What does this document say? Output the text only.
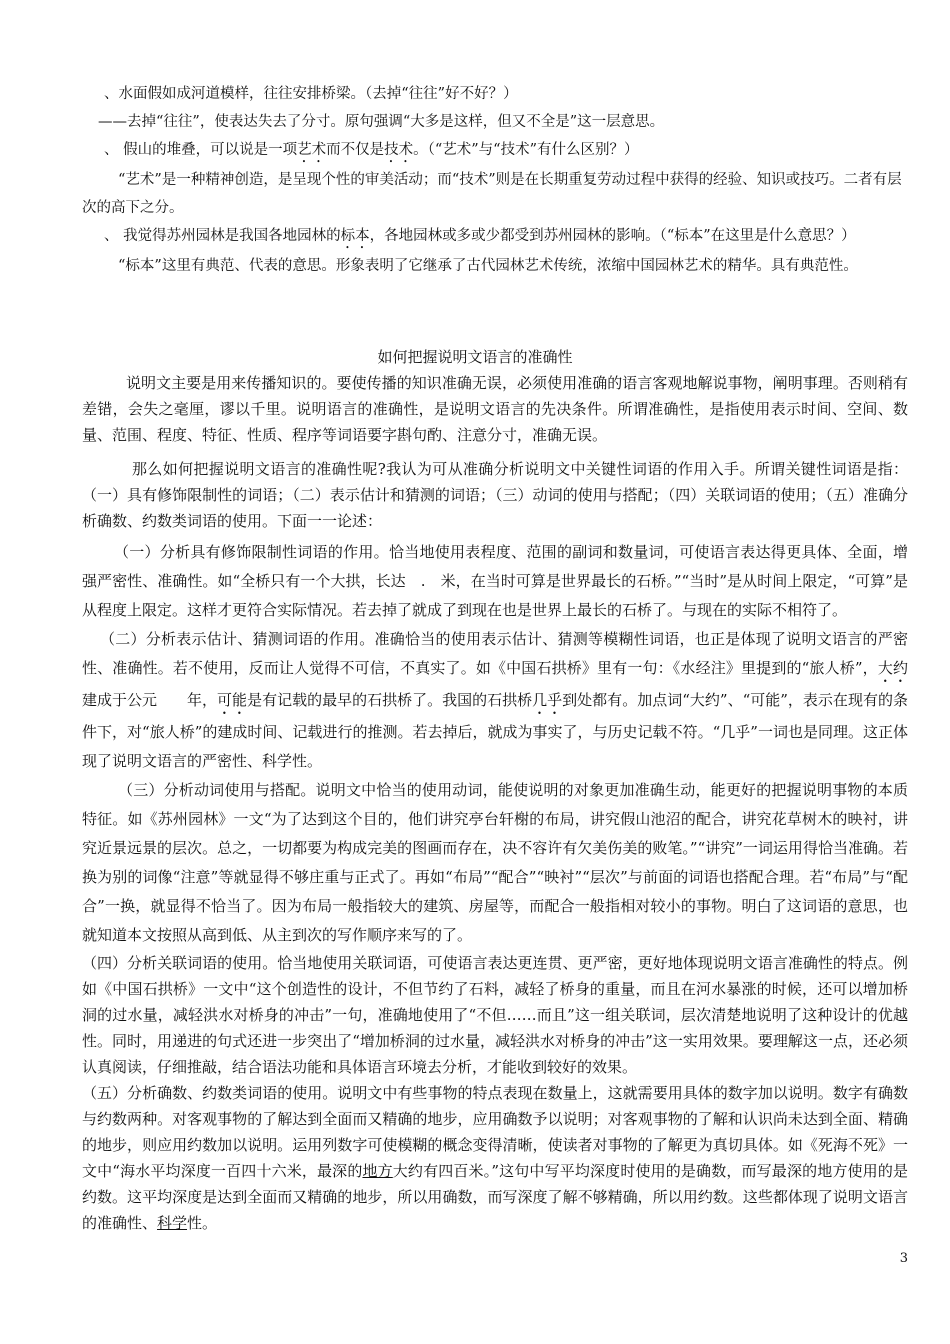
、水面假如成河道模样，往往安排桥梁。（去掉“往往”好不好？）

——去掉“往往”，使表达失去了分寸。原句强调“大多是这样，但又不全是”这一层意思。

、 假山的堆叠，可以说是一项艺术而不仅是技术。（“艺术”与“技术”有什么区别？）

“艺术”是一种精神创造，是呈现个性的审美活动；而“技术”则是在长期重复劳动过程中获得的经验、知识或技巧。二者有层次的高下之分。

、 我觉得苏州园林是我国各地园林的标本，各地园林或多或少都受到苏州园林的影响。（“标本”在这里是什么意思？）

“标本”这里有典范、代表的意思。形象表明了它继承了古代园林艺术传统，浓缩中国园林艺术的精华。具有典范性。

如何把握说明文语言的准确性

说明文主要是用来传播知识的。要使传播的知识准确无误，必须使用准确的语言客观地解说事物，阐明事理。否则稍有差错，会失之毫厘，谬以千里。说明语言的准确性，是说明文语言的先决条件。所谓准确性，是指使用表示时间、空间、数量、范围、程度、特征、性质、程序等词语要字斟句酌、注意分寸，准确无误。

那么如何把握说明文语言的准确性呢?我认为可从准确分析说明文中关键性词语的作用入手。所谓关键性词语是指：（一）具有修饰限制性的词语；（二）表示估计和猜测的词语；（三）动词的使用与搭配；（四）关联词语的使用；（五）准确分析确数、约数类词语的使用。下面一一论述：

（一）分析具有修饰限制性词语的作用。恰当地使用表程度、范围的副词和数量词，可使语言表达得更具体、全面，增强严密性、准确性。如“全桥只有一个大拱，长达　.　米，在当时可算是世界最长的石桥。”“当时”是从时间上限定，“可算”是从程度上限定。这样才更符合实际情况。若去掉了就成了到现在也是世界上最长的石桥了。与现在的实际不相符了。

（二）分析表示估计、猜测词语的作用。准确恰当的使用表示估计、猜测等模糊性词语，也正是体现了说明文语言的严密性、准确性。若不使用，反而让人觉得不可信，不真实了。如《中国石拱桥》里有一句：《水经注》里提到的“旅人桥”，大约建成于公元　　年，可能是有记载的最早的石拱桥了。我国的石拱桥几乎到处都有。加点词“大约”、“可能”，表示在现有的条件下，对“旅人桥”的建成时间、记载进行的推测。若去掉后，就成为事实了，与历史记载不符。“几乎”一词也是同理。这正体现了说明文语言的严密性、科学性。

（三）分析动词使用与搭配。说明文中恰当的使用动词，能使说明的对象更加准确生动，能更好的把握说明事物的本质特征。如《苏州园林》一文“为了达到这个目的，他们讲究亭台轩榭的布局，讲究假山池沼的配合，讲究花草树木的映衬，讲究近景远景的层次。总之，一切都要为构成完美的图画而存在，决不容许有欠美伤美的败笔。”“讲究”一词运用得恰当准确。若换为别的词像“注意”等就显得不够庄重与正式了。再如“布局”“配合”“映衬”“层次”与前面的词语也搭配合理。若“布局”与“配合”一换，就显得不恰当了。因为布局一般指较大的建筑、房屋等，而配合一般指相对较小的事物。明白了这词语的意思，也就知道本文按照从高到低、从主到次的写作顺序来写的了。

（四）分析关联词语的使用。恰当地使用关联词语，可使语言表达更连贯、更严密，更好地体现说明文语言准确性的特点。例如《中国石拱桥》一文中“这个创造性的设计，不但节约了石料，减轻了桥身的重量，而且在河水暴涨的时候，还可以增加桥洞的过水量，减轻洪水对桥身的冲击”一句，准确地使用了“不但……而且”这一组关联词，层次清楚地说明了这种设计的优越性。同时，用递进的句式还进一步突出了“增加桥洞的过水量，减轻洪水对桥身的冲击”这一实用效果。要理解这一点，还必须认真阅读，仔细推敲，结合语法功能和具体语言环境去分析，才能收到较好的效果。

（五）分析确数、约数类词语的使用。说明文中有些事物的特点表现在数量上，这就需要用具体的数字加以说明。数字有确数与约数两种。对客观事物的了解达到全面而又精确的地步，应用确数予以说明；对客观事物的了解和认识尚未达到全面、精确的地步，则应用约数加以说明。运用列数字可使模糊的概念变得清晰，使读者对事物的了解更为真切具体。如《死海不死》一文中“海水平均深度一百四十六米，最深的地方大约有四百米。”这句中写平均深度时使用的是确数，而写最深的地方使用的是约数。这平均深度是达到全面而又精确的地步，所以用确数，而写深度了解不够精确，所以用约数。这些都体现了说明文语言的准确性、科学性。

3
